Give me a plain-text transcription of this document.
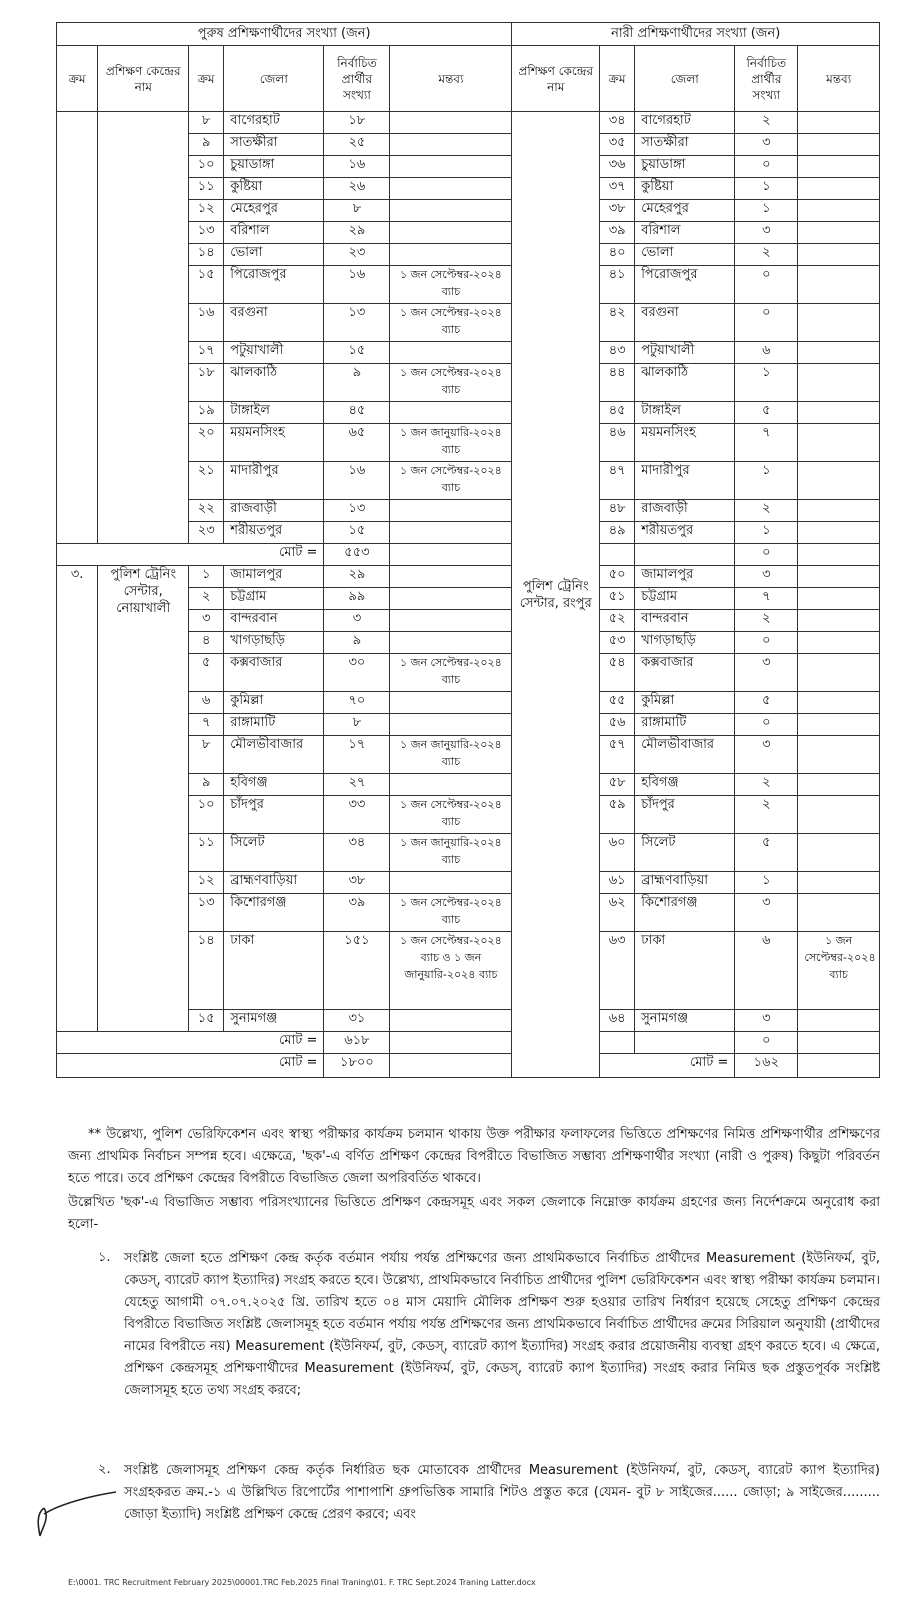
পুরুষ প্রশিক্ষণার্থীদের সংখ্যা (জন)						নারী প্রশিক্ষণার্থীদের সংখ্যা (জন)				
ক্রম	প্রশিক্ষণ কেন্দ্রের নাম	ক্রম	জেলা	নির্বাচিত প্রার্থীর সংখ্যা	মন্তব্য	প্রশিক্ষণ কেন্দ্রের নাম	ক্রম	জেলা	নির্বাচিত প্রার্থীর সংখ্যা	মন্তব্য
		৮	বাগেরহাট	১৮		পুলিশ ট্রেনিং সেন্টার, রংপুর	৩৪	বাগেরহাট	২	
		৯	সাতক্ষীরা	২৫			৩৫	সাতক্ষীরা	৩	
		১০	চুয়াডাঙ্গা	১৬			৩৬	চুয়াডাঙ্গা	০	
		১১	কুষ্টিয়া	২৬			৩৭	কুষ্টিয়া	১	
		১২	মেহেরপুর	৮			৩৮	মেহেরপুর	১	
		১৩	বরিশাল	২৯			৩৯	বরিশাল	৩	
		১৪	ভোলা	২৩			৪০	ভোলা	২	
		১৫	পিরোজপুর	১৬	১ জন সেপ্টেম্বর-২০২৪ ব্যাচ		৪১	পিরোজপুর	০	
		১৬	বরগুনা	১৩	১ জন সেপ্টেম্বর-২০২৪ ব্যাচ		৪২	বরগুনা	০	
		১৭	পটুয়াখালী	১৫			৪৩	পটুয়াখালী	৬	
		১৮	ঝালকাঠি	৯	১ জন সেপ্টেম্বর-২০২৪ ব্যাচ		৪৪	ঝালকাঠি	১	
		১৯	টাঙ্গাইল	৪৫			৪৫	টাঙ্গাইল	৫	
		২০	ময়মনসিংহ	৬৫	১ জন জানুয়ারি-২০২৪ ব্যাচ		৪৬	ময়মনসিংহ	৭	
		২১	মাদারীপুর	১৬	১ জন সেপ্টেম্বর-২০২৪ ব্যাচ		৪৭	মাদারীপুর	১	
		২২	রাজবাড়ী	১৩			৪৮	রাজবাড়ী	২	
		২৩	শরীয়তপুর	১৫			৪৯	শরীয়তপুর	১	
মোট =				৫৫৩					০	
৩.	পুলিশ ট্রেনিং সেন্টার, নোয়াখালী	১	জামালপুর	২৯			৫০	জামালপুর	৩	
		২	চট্টগ্রাম	৯৯			৫১	চট্টগ্রাম	৭	
		৩	বান্দরবান	৩			৫২	বান্দরবান	২	
		৪	খাগড়াছড়ি	৯			৫৩	খাগড়াছড়ি	০	
		৫	কক্সবাজার	৩০	১ জন সেপ্টেম্বর-২০২৪ ব্যাচ		৫৪	কক্সবাজার	৩	
		৬	কুমিল্লা	৭০			৫৫	কুমিল্লা	৫	
		৭	রাঙ্গামাটি	৮			৫৬	রাঙ্গামাটি	০	
		৮	মৌলভীবাজার	১৭	১ জন জানুয়ারি-২০২৪ ব্যাচ		৫৭	মৌলভীবাজার	৩	
		৯	হবিগঞ্জ	২৭			৫৮	হবিগঞ্জ	২	
		১০	চাঁদপুর	৩৩	১ জন সেপ্টেম্বর-২০২৪ ব্যাচ		৫৯	চাঁদপুর	২	
		১১	সিলেট	৩৪	১ জন জানুয়ারি-২০২৪ ব্যাচ		৬০	সিলেট	৫	
		১২	ব্রাহ্মণবাড়িয়া	৩৮			৬১	ব্রাহ্মণবাড়িয়া	১	
		১৩	কিশোরগঞ্জ	৩৯	১ জন সেপ্টেম্বর-২০২৪ ব্যাচ		৬২	কিশোরগঞ্জ	৩	
		১৪	ঢাকা	১৫১	১ জন সেপ্টেম্বর-২০২৪ ব্যাচ ও ১ জন জানুয়ারি-২০২৪ ব্যাচ		৬৩	ঢাকা	৬	১ জন সেপ্টেম্বর-২০২৪ ব্যাচ
		১৫	সুনামগঞ্জ	৩১			৬৪	সুনামগঞ্জ	৩	
মোট =				৬১৮					০	
মোট =				১৮০০			মোট =		১৬২	
** উল্লেখ্য, পুলিশ ভেরিফিকেশন এবং স্বাস্থ্য পরীক্ষার কার্যক্রম চলমান থাকায় উক্ত পরীক্ষার ফলাফলের ভিত্তিতে প্রশিক্ষণের নিমিত্ত প্রশিক্ষণার্থীর প্রশিক্ষণের জন্য প্রাথমিক নির্বাচন সম্পন্ন হবে। এক্ষেত্রে, 'ছক'-এ বর্ণিত প্রশিক্ষণ কেন্দ্রের বিপরীতে বিভাজিত সম্ভাব্য প্রশিক্ষণার্থীর সংখ্যা (নারী ও পুরুষ) কিছুটা পরিবর্তন হতে পারে। তবে প্রশিক্ষণ কেন্দ্রের বিপরীতে বিভাজিত জেলা অপরিবর্তিত থাকবে।
উল্লেখিত 'ছক'-এ বিভাজিত সম্ভাব্য পরিসংখ্যানের ভিত্তিতে প্রশিক্ষণ কেন্দ্রসমূহ এবং সকল জেলাকে নিম্নোক্ত কার্যক্রম গ্রহণের জন্য নির্দেশক্রমে অনুরোধ করা হলো-
১. সংশ্লিষ্ট জেলা হতে প্রশিক্ষণ কেন্দ্র কর্তৃক বর্তমান পর্যায় পর্যন্ত প্রশিক্ষণের জন্য প্রাথমিকভাবে নির্বাচিত প্রার্থীদের Measurement (ইউনিফর্ম, বুট, কেডস্, ব্যারেট ক্যাপ ইত্যাদির) সংগ্রহ করতে হবে। উল্লেখ্য, প্রাথমিকভাবে নির্বাচিত প্রার্থীদের পুলিশ ভেরিফিকেশন এবং স্বাস্থ্য পরীক্ষা কার্যক্রম চলমান। যেহেতু আগামী ০৭.০৭.২০২৫ খ্রি. তারিখ হতে ০৪ মাস মেয়াদি মৌলিক প্রশিক্ষণ শুরু হওয়ার তারিখ নির্ধারণ হয়েছে সেহেতু প্রশিক্ষণ কেন্দ্রের বিপরীতে বিভাজিত সংশ্লিষ্ট জেলাসমূহ হতে বর্তমান পর্যায় পর্যন্ত প্রশিক্ষণের জন্য প্রাথমিকভাবে নির্বাচিত প্রার্থীদের ক্রমের সিরিয়াল অনুযায়ী (প্রার্থীদের নামের বিপরীতে নয়) Measurement (ইউনিফর্ম, বুট, কেডস্, ব্যারেট ক্যাপ ইত্যাদির) সংগ্রহ করার প্রয়োজনীয় ব্যবস্থা গ্রহণ করতে হবে। এ ক্ষেত্রে, প্রশিক্ষণ কেন্দ্রসমূহ প্রশিক্ষণার্থীদের Measurement (ইউনিফর্ম, বুট, কেডস্, ব্যারেট ক্যাপ ইত্যাদির) সংগ্রহ করার নিমিত্ত ছক প্রস্তুতপূর্বক সংশ্লিষ্ট জেলাসমূহ হতে তথ্য সংগ্রহ করবে;
২. সংশ্লিষ্ট জেলাসমূহ প্রশিক্ষণ কেন্দ্র কর্তৃক নির্ধারিত ছক মোতাবেক প্রার্থীদের Measurement (ইউনিফর্ম, বুট, কেডস্, ব্যারেট ক্যাপ ইত্যাদির) সংগ্রহকরত ক্রম.-১ এ উল্লিখিত রিপোর্টের পাশাপাশি গ্রুপভিত্তিক সামারি শিটও প্রস্তুত করে (যেমন- বুট ৮ সাইজের...... জোড়া; ৯ সাইজের......... জোড়া ইত্যাদি) সংশ্লিষ্ট প্রশিক্ষণ কেন্দ্রে প্রেরণ করবে; এবং
E:\0001. TRC Recruitment February 2025\00001.TRC Feb.2025 Final Traning\01. F. TRC Sept.2024 Traning Latter.docx
